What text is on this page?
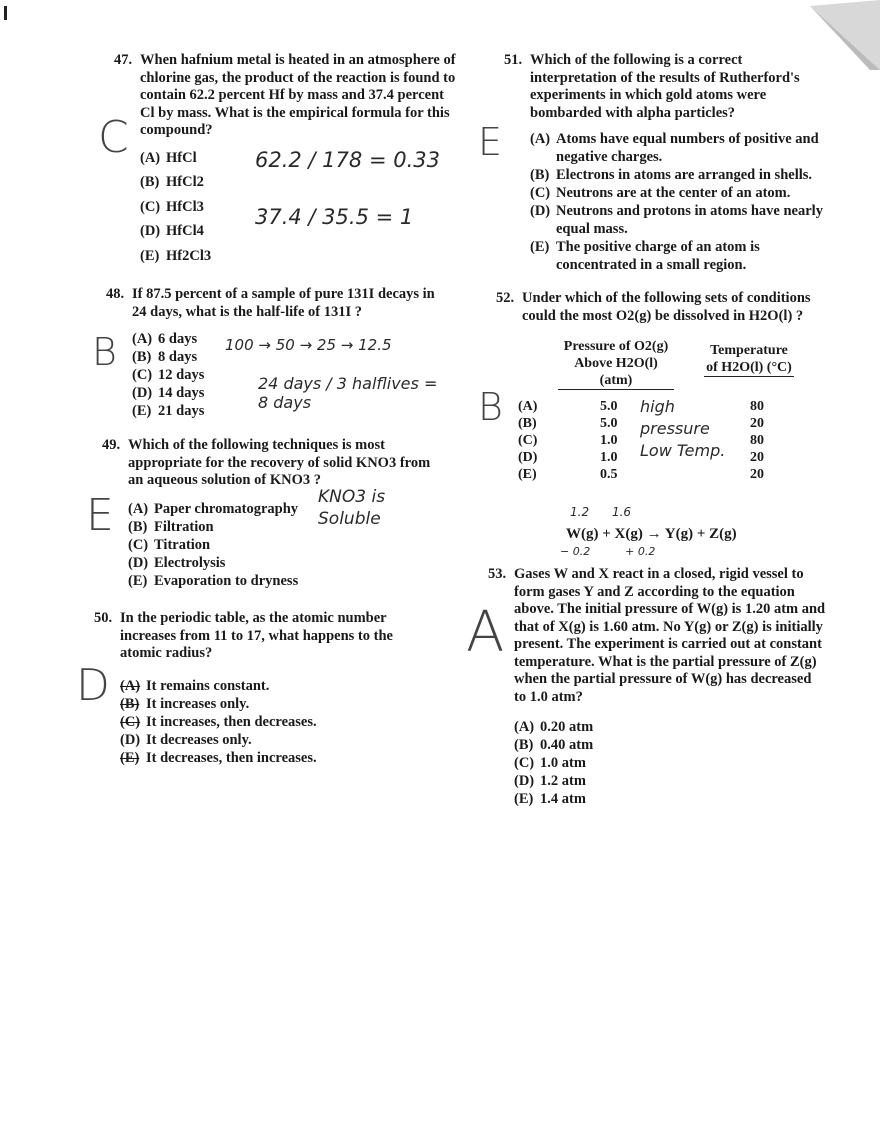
47. When hafnium metal is heated in an atmosphere of chlorine gas, the product of the reaction is found to contain 62.2 percent Hf by mass and 37.4 percent Cl by mass. What is the empirical formula for this compound?
(A) HfCl
(B) HfCl2
(C) HfCl3
(D) HfCl4
(E) Hf2Cl3
C	62.2 / 178 = 0.33
37.4 / 35.5 = 1
48. If 87.5 percent of a sample of pure 131I decays in 24 days, what is the half-life of 131I ?
(A) 6 days
(B) 8 days
(C) 12 days
(D) 14 days
(E) 21 days
B	100 → 50 → 25 → 12.5
24 days / 3 halflives = 8 days
49. Which of the following techniques is most appropriate for the recovery of solid KNO3 from an aqueous solution of KNO3 ?
(A) Paper chromatography
(B) Filtration
(C) Titration
(D) Electrolysis
(E) Evaporation to dryness
E	KNO3 is Soluble
50. In the periodic table, as the atomic number increases from 11 to 17, what happens to the atomic radius?
(A) It remains constant.
(B) It increases only.
(C) It increases, then decreases.
(D) It decreases only.
(E) It decreases, then increases.
D
51. Which of the following is a correct interpretation of the results of Rutherford's experiments in which gold atoms were bombarded with alpha particles?
(A) Atoms have equal numbers of positive and negative charges.
(B) Electrons in atoms are arranged in shells.
(C) Neutrons are at the center of an atom.
(D) Neutrons and protons in atoms have nearly equal mass.
(E) The positive charge of an atom is concentrated in a small region.
E
52. Under which of the following sets of conditions could the most O2(g) be dissolved in H2O(l) ?
Pressure of O2(g) Above H2O(l) (atm)
Temperature of H2O(l) (°C)
(A)	5.0	80
(B)	5.0	20
(C)	1.0	80
(D)	1.0	20
(E)	0.5	20
B	high pressure Low Temp.
1.2      1.6
W(g) + X(g) → Y(g) + Z(g)
− 0.2          + 0.2
53. Gases W and X react in a closed, rigid vessel to form gases Y and Z according to the equation above. The initial pressure of W(g) is 1.20 atm and that of X(g) is 1.60 atm. No Y(g) or Z(g) is initially present. The experiment is carried out at constant temperature. What is the partial pressure of Z(g) when the partial pressure of W(g) has decreased to 1.0 atm?
(A) 0.20 atm
(B) 0.40 atm
(C) 1.0 atm
(D) 1.2 atm
(E) 1.4 atm
A
